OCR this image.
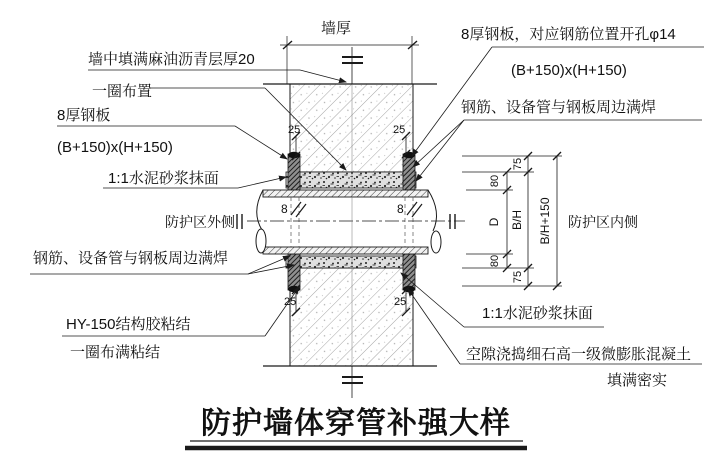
墙中填满麻油沥青层厚20
一圈布置
8厚钢板
(B+150)x(H+150)
1:1水泥砂浆抹面
防护区外侧
钢筋、设备管与钢板周边满焊
HY-150结构胶粘结
一圈布满粘结
8厚钢板，对应钢筋位置开孔φ14
(B+150)x(H+150)
钢筋、设备管与钢板周边满焊
防护区内侧
1:1水泥砂浆抹面
空隙浇捣细石高一级微膨胀混凝土
填满密实
墙厚
25	25
25	25
8	8
80
80
75
75
D B/H B/H+150
防护墙体穿管补强大样
